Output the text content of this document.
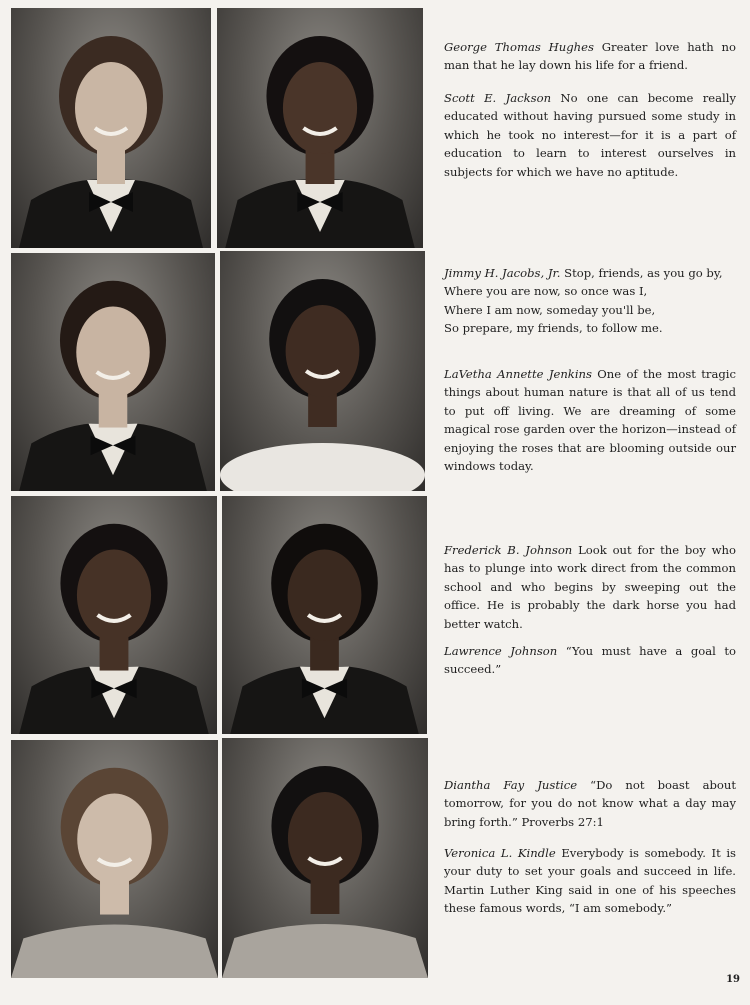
George Thomas Hughes Greater love hath no man that he lay down his life for a friend.

Scott E. Jackson No one can become really educated without having pursued some study in which he took no interest—for it is a part of education to learn to interest ourselves in subjects for which we have no aptitude.

Jimmy H. Jacobs, Jr. Stop, friends, as you go by,
Where you are now, so once was I,
Where I am now, someday you'll be,
So prepare, my friends, to follow me.

LaVetha Annette Jenkins One of the most tragic things about human nature is that all of us tend to put off living. We are dreaming of some magical rose garden over the horizon—instead of enjoying the roses that are blooming outside our windows today.

Frederick B. Johnson Look out for the boy who has to plunge into work direct from the common school and who begins by sweeping out the office. He is probably the dark horse you had better watch.

Lawrence Johnson “You must have a goal to succeed.”

Diantha Fay Justice “Do not boast about tomorrow, for you do not know what a day may bring forth.” Proverbs 27:1

Veronica L. Kindle Everybody is somebody. It is your duty to set your goals and succeed in life. Martin Luther King said in one of his speeches these famous words, “I am somebody.”

19
